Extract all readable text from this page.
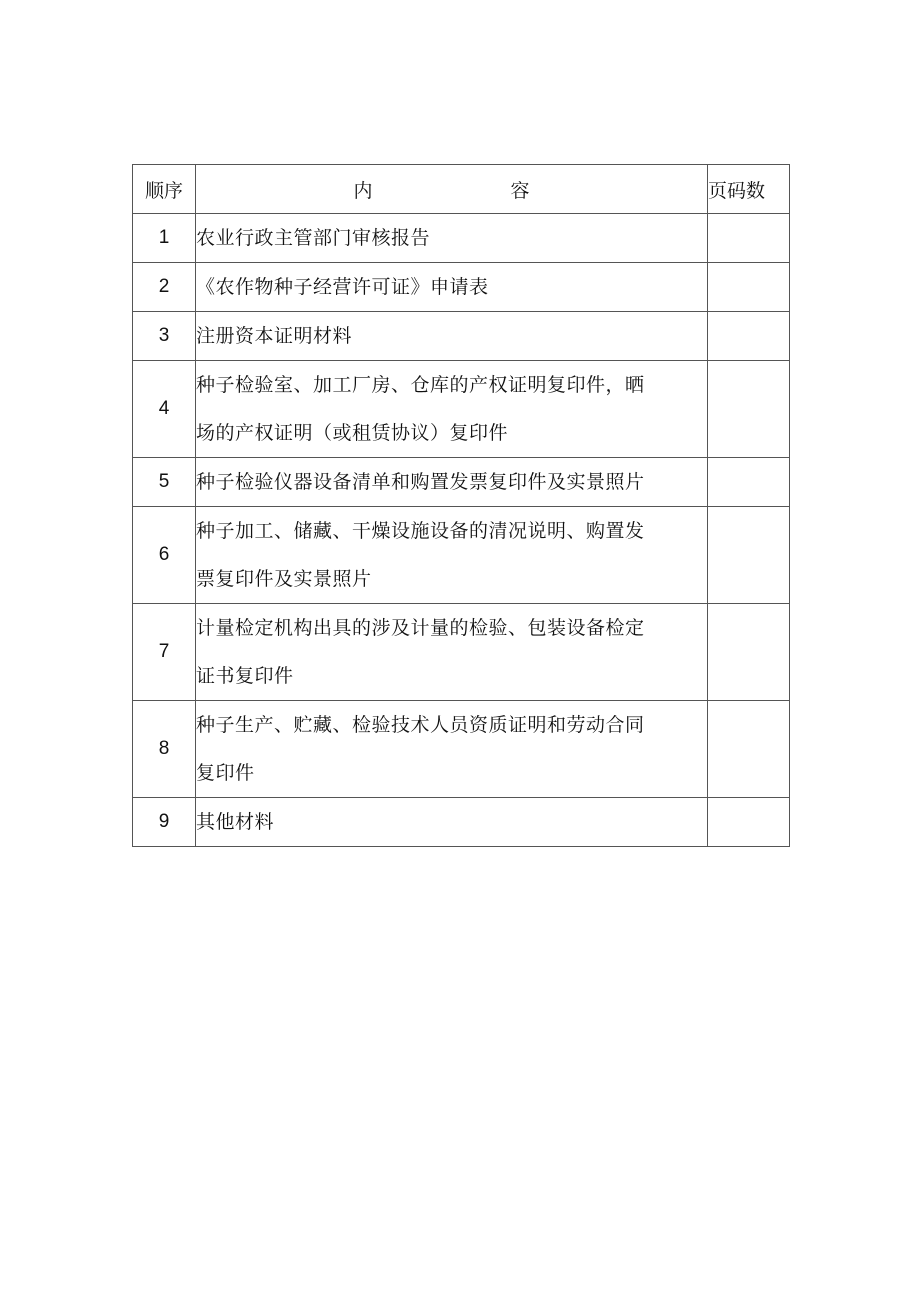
顺序	内 容	页码数
1	农业行政主管部门审核报告	

2	《农作物种子经营许可证》申请表	

3	注册资本证明材料	

4	种子检验室、加工厂房、仓库的产权证明复印件，晒
场的产权证明（或租赁协议）复印件	

5	种子检验仪器设备清单和购置发票复印件及实景照片	

6	种子加工、储藏、干燥设施设备的清况说明、购置发
票复印件及实景照片	

7	计量检定机构出具的涉及计量的检验、包装设备检定
证书复印件	

8	种子生产、贮藏、检验技术人员资质证明和劳动合同
复印件	

9	其他材料	
